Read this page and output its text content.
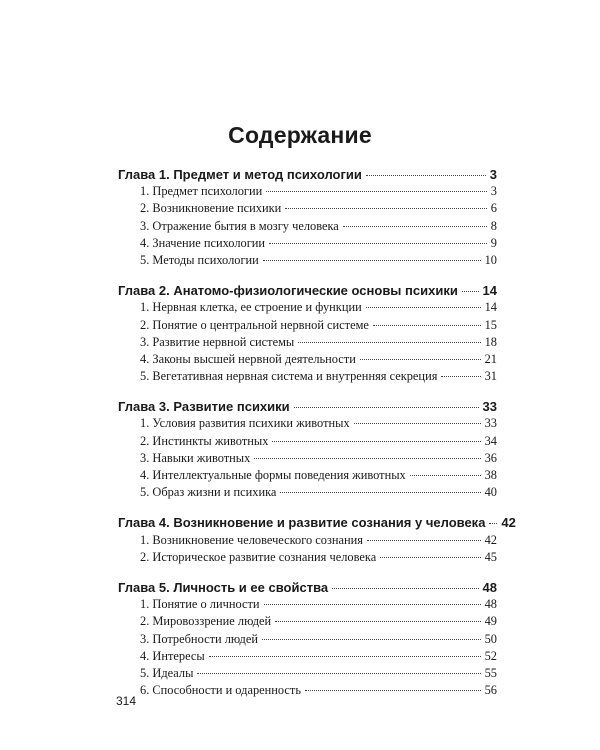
Содержание
Глава 1. Предмет и метод психологии	3
1. Предмет психологии	3
2. Возникновение психики	6
3. Отражение бытия в мозгу человека	8
4. Значение психологии	9
5. Методы психологии	10
Глава 2. Анатомо-физиологические основы психики 14
1. Нервная клетка, ее строение и функции	14
2. Понятие о центральной нервной системе	15
3. Развитие нервной системы	18
4. Законы высшей нервной деятельности	21
5. Вегетативная нервная система и внутренняя секреция	31
Глава 3. Развитие психики	33
1. Условия развития психики животных	33
2. Инстинкты животных	34
3. Навыки животных	36
4. Интеллектуальные формы поведения животных	38
5. Образ жизни и психика	40
Глава 4. Возникновение и развитие сознания у человека 42
1. Возникновение человеческого сознания	42
2. Историческое развитие сознания человека	45
Глава 5. Личность и ее свойства	48
1. Понятие о личности	48
2. Мировоззрение людей	49
3. Потребности людей	50
4. Интересы	52
5. Идеалы	55
6. Способности и одаренность	56

314
